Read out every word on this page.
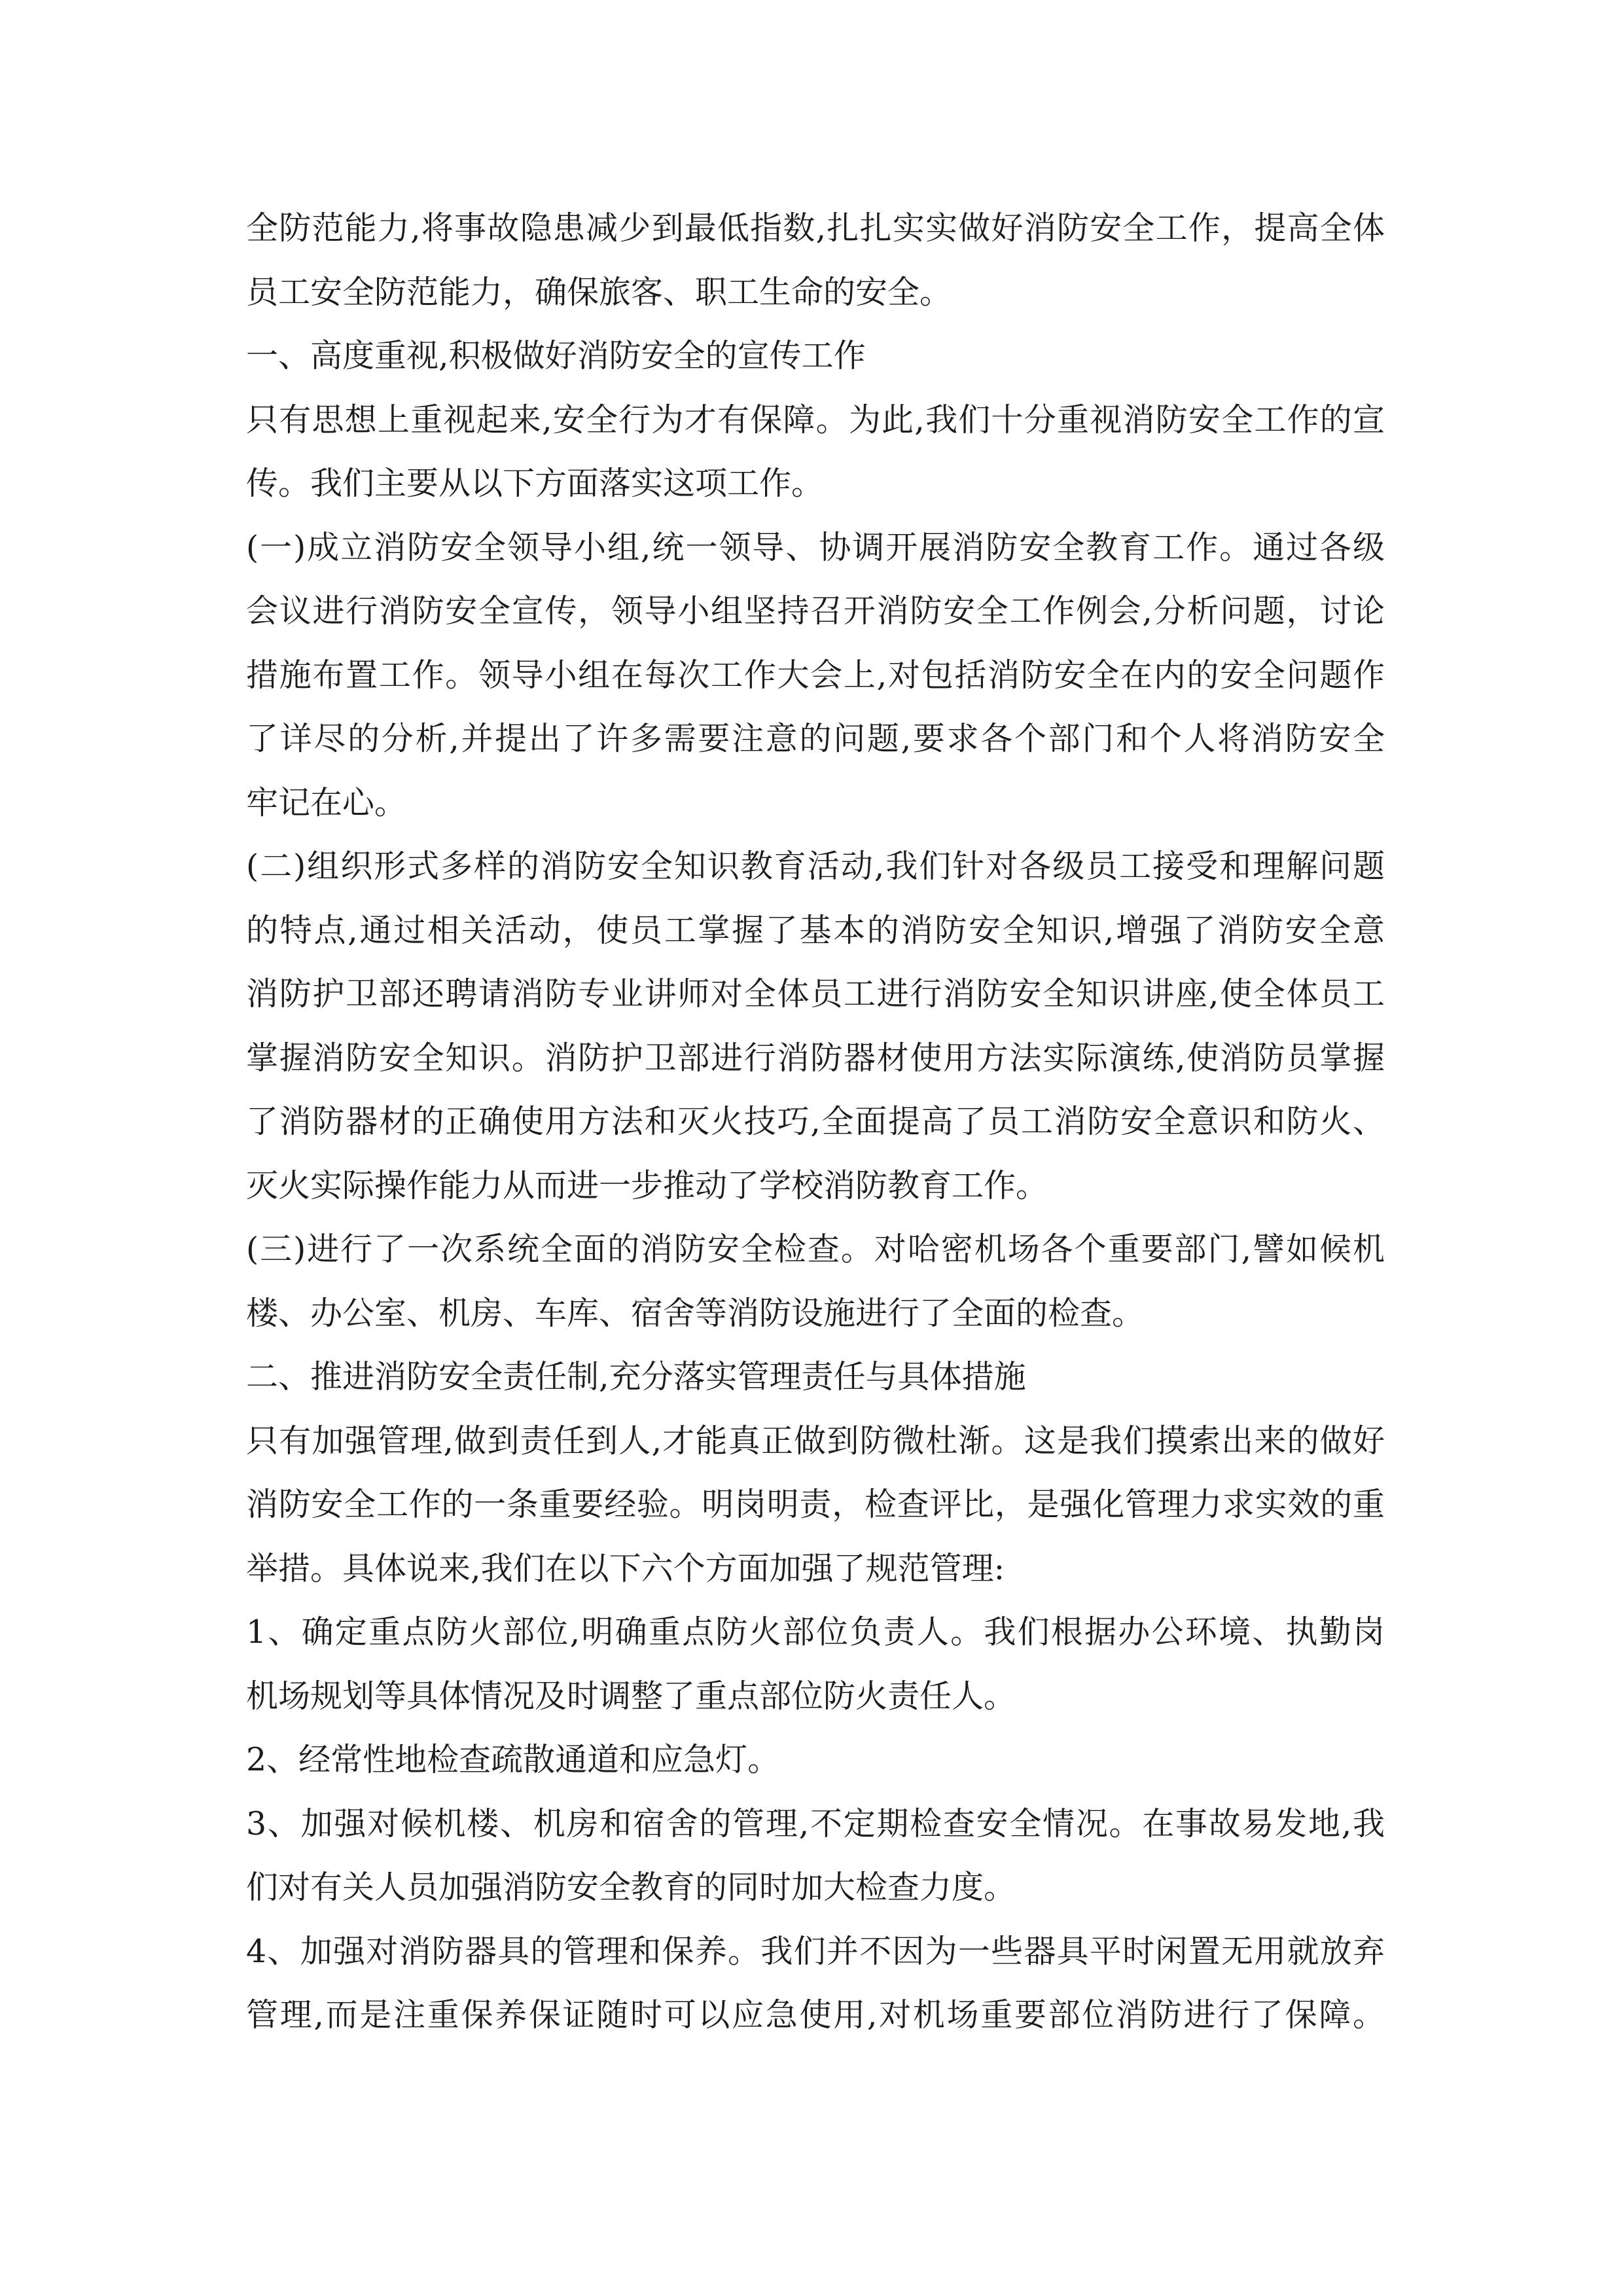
全防范能力,将事故隐患减少到最低指数,扎扎实实做好消防安全工作，提高全体
员工安全防范能力，确保旅客、职工生命的安全。
一、高度重视,积极做好消防安全的宣传工作
只有思想上重视起来,安全行为才有保障。为此,我们十分重视消防安全工作的宣
传。我们主要从以下方面落实这项工作。
(一)成立消防安全领导小组,统一领导、协调开展消防安全教育工作。通过各级
会议进行消防安全宣传，领导小组坚持召开消防安全工作例会,分析问题，讨论
措施布置工作。领导小组在每次工作大会上,对包括消防安全在内的安全问题作
了详尽的分析,并提出了许多需要注意的问题,要求各个部门和个人将消防安全
牢记在心。
(二)组织形式多样的消防安全知识教育活动,我们针对各级员工接受和理解问题
的特点,通过相关活动，使员工掌握了基本的消防安全知识,增强了消防安全意
消防护卫部还聘请消防专业讲师对全体员工进行消防安全知识讲座,使全体员工
掌握消防安全知识。消防护卫部进行消防器材使用方法实际演练,使消防员掌握
了消防器材的正确使用方法和灭火技巧,全面提高了员工消防安全意识和防火、
灭火实际操作能力从而进一步推动了学校消防教育工作。
(三)进行了一次系统全面的消防安全检查。对哈密机场各个重要部门,譬如候机
楼、办公室、机房、车库、宿舍等消防设施进行了全面的检查。
二、推进消防安全责任制,充分落实管理责任与具体措施
只有加强管理,做到责任到人,才能真正做到防微杜渐。这是我们摸索出来的做好
消防安全工作的一条重要经验。明岗明责，检查评比，是强化管理力求实效的重
举措。具体说来,我们在以下六个方面加强了规范管理:
1、确定重点防火部位,明确重点防火部位负责人。我们根据办公环境、执勤岗
机场规划等具体情况及时调整了重点部位防火责任人。
2、经常性地检查疏散通道和应急灯。
3、加强对候机楼、机房和宿舍的管理,不定期检查安全情况。在事故易发地,我
们对有关人员加强消防安全教育的同时加大检查力度。
4、加强对消防器具的管理和保养。我们并不因为一些器具平时闲置无用就放弃
管理,而是注重保养保证随时可以应急使用,对机场重要部位消防进行了保障。
